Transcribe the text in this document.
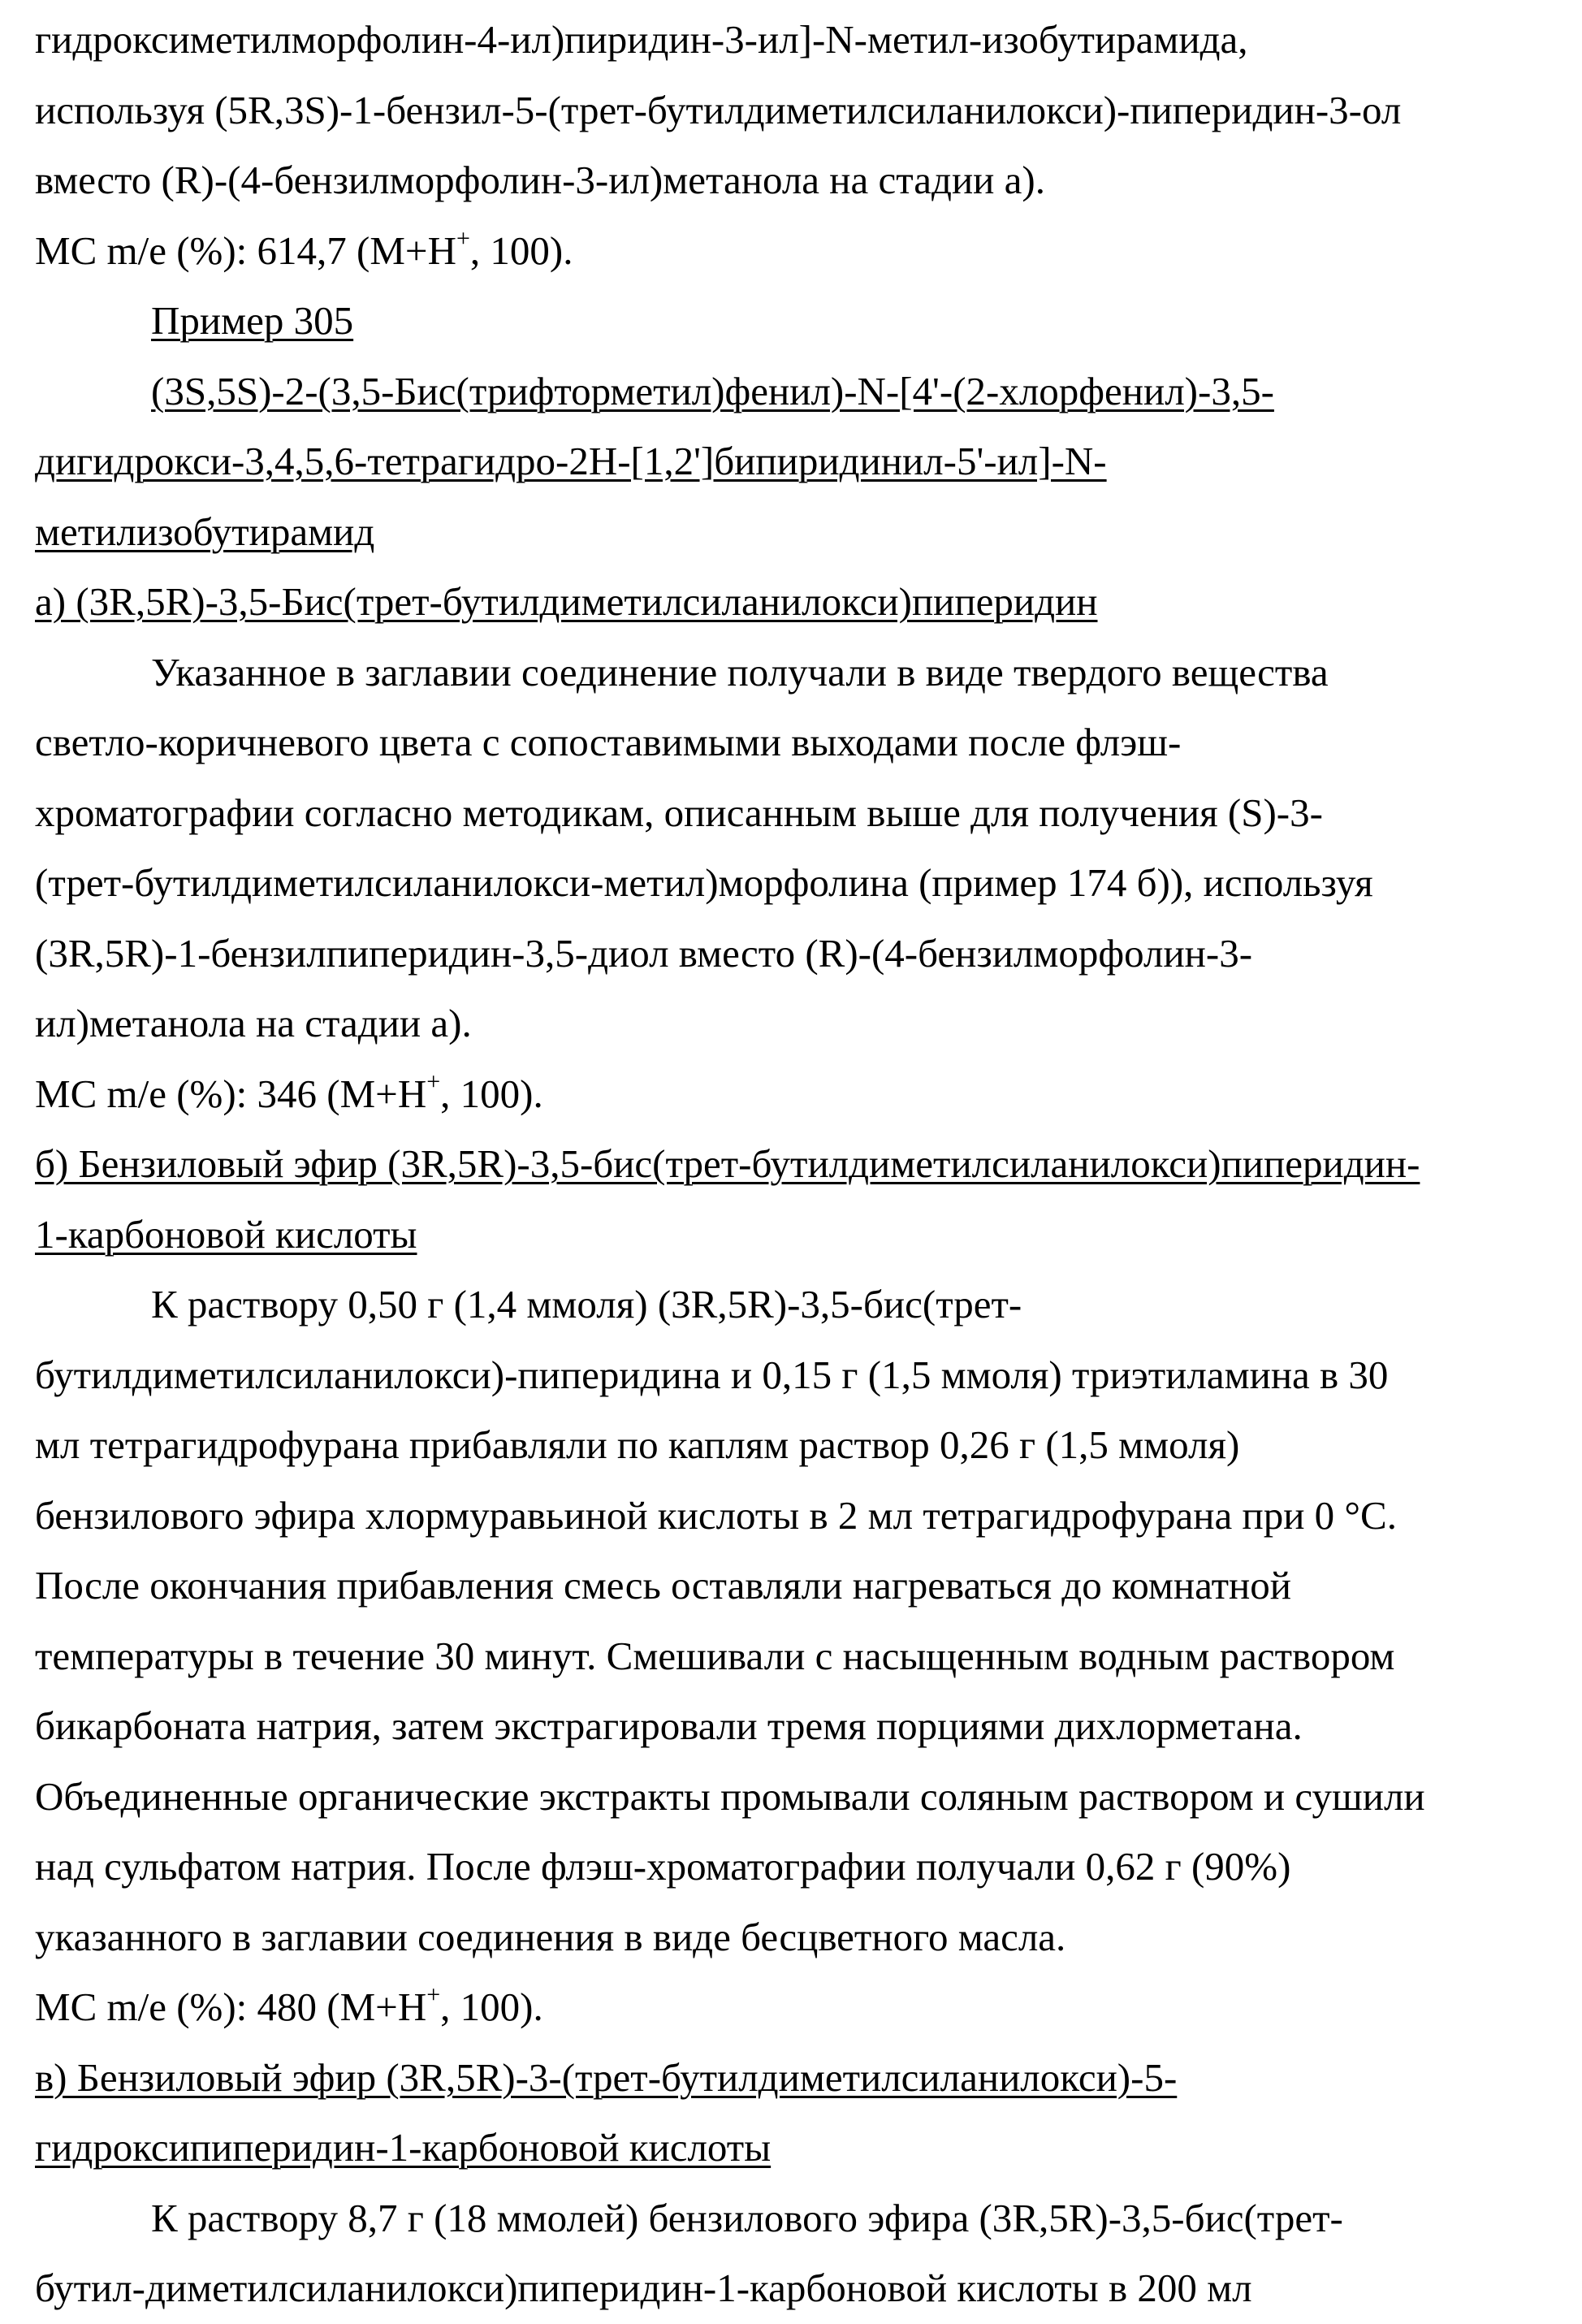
гидроксиметилморфолин-4-ил)пиридин-3-ил]-N-метил-изобутирамида,
используя (5R,3S)-1-бензил-5-(трет-бутилдиметилсиланилокси)-пиперидин-3-ол
вместо (R)-(4-бензилморфолин-3-ил)метанола на стадии а).
МС m/e (%): 614,7 (M+H+, 100).
Пример 305
(3S,5S)-2-(3,5-Бис(трифторметил)фенил)-N-[4'-(2-хлорфенил)-3,5-
дигидрокси-3,4,5,6-тетрагидро-2H-[1,2']бипиридинил-5'-ил]-N-
метилизобутирамид
а) (3R,5R)-3,5-Бис(трет-бутилдиметилсиланилокси)пиперидин
Указанное в заглавии соединение получали в виде твердого вещества
светло-коричневого цвета с сопоставимыми выходами после флэш-
хроматографии согласно методикам, описанным выше для получения (S)-3-
(трет-бутилдиметилсиланилокси-метил)морфолина (пример 174 б)), используя
(3R,5R)-1-бензилпиперидин-3,5-диол вместо (R)-(4-бензилморфолин-3-
ил)метанола на стадии а).
МС m/e (%): 346 (M+H+, 100).
б) Бензиловый эфир (3R,5R)-3,5-бис(трет-бутилдиметилсиланилокси)пиперидин-
1-карбоновой кислоты
К раствору 0,50 г (1,4 ммоля) (3R,5R)-3,5-бис(трет-
бутилдиметилсиланилокси)-пиперидина и 0,15 г (1,5 ммоля) триэтиламина в 30
мл тетрагидрофурана прибавляли по каплям раствор 0,26 г (1,5 ммоля)
бензилового эфира хлормуравьиной кислоты в 2 мл тетрагидрофурана при 0 °C.
После окончания прибавления смесь оставляли нагреваться до комнатной
температуры в течение 30 минут. Смешивали с насыщенным водным раствором
бикарбоната натрия, затем экстрагировали тремя порциями дихлорметана.
Объединенные органические экстракты промывали соляным раствором и сушили
над сульфатом натрия. После флэш-хроматографии получали 0,62 г (90%)
указанного в заглавии соединения в виде бесцветного масла.
МС m/e (%): 480 (M+H+, 100).
в) Бензиловый эфир (3R,5R)-3-(трет-бутилдиметилсиланилокси)-5-
гидроксипиперидин-1-карбоновой кислоты
К раствору 8,7 г (18 ммолей) бензилового эфира (3R,5R)-3,5-бис(трет-
бутил-диметилсиланилокси)пиперидин-1-карбоновой кислоты в 200 мл
